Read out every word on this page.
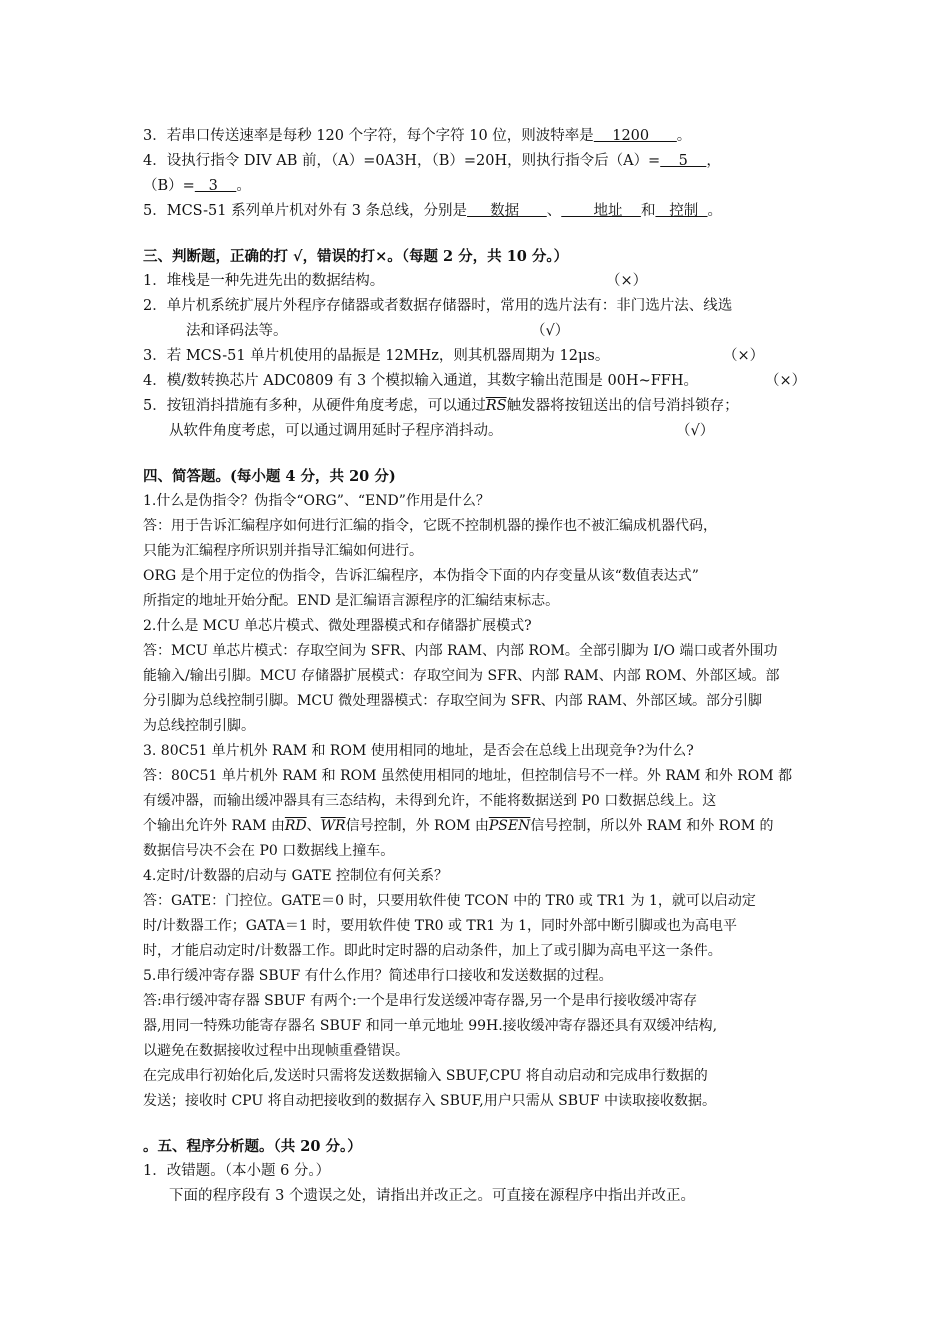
3．若串口传送速率是每秒 120 个字符，每个字符 10 位，则波特率是    1200      。
4．设执行指令 DIV AB 前，（A）=0A3H，（B）=20H，则执行指令后（A）=    5    ，
（B）=   3    。
5．MCS-51 系列单片机对外有 3 条总线，分别是     数据      、       地址    和   控制  。
三、判断题，正确的打 √，错误的打×。（每题 2 分，共 10 分。）
1．堆栈是一种先进先出的数据结构。	（×）
2．单片机系统扩展片外程序存储器或者数据存储器时，常用的选片法有：非门选片法、线选
法和译码法等。	（√）
3．若 MCS-51 单片机使用的晶振是 12MHz，则其机器周期为 12μs。	（×）
4．模/数转换芯片 ADC0809 有 3 个模拟输入通道，其数字输出范围是 00H~FFH。	（×）
5．按钮消抖措施有多种，从硬件角度考虑，可以通过$\overline{RS}$触发器将按钮送出的信号消抖锁存；
从软件角度考虑，可以通过调用延时子程序消抖动。	（√）
四、简答题。(每小题 4 分，共 20 分)
1.什么是伪指令？伪指令“ORG”、“END”作用是什么？
答：用于告诉汇编程序如何进行汇编的指令，它既不控制机器的操作也不被汇编成机器代码，
只能为汇编程序所识别并指导汇编如何进行。
ORG 是个用于定位的伪指令，告诉汇编程序，本伪指令下面的内存变量从该“数值表达式”
所指定的地址开始分配。END 是汇编语言源程序的汇编结束标志。
2.什么是 MCU 单芯片模式、微处理器模式和存储器扩展模式?
答：MCU 单芯片模式：存取空间为 SFR、内部 RAM、内部 ROM。全部引脚为 I/O 端口或者外围功
能输入/输出引脚。MCU 存储器扩展模式：存取空间为 SFR、内部 RAM、内部 ROM、外部区域。部
分引脚为总线控制引脚。MCU 微处理器模式：存取空间为 SFR、内部 RAM、外部区域。部分引脚
为总线控制引脚。
3. 80C51 单片机外 RAM 和 ROM 使用相同的地址，是否会在总线上出现竞争?为什么?
答：80C51 单片机外 RAM 和 ROM 虽然使用相同的地址，但控制信号不一样。外 RAM 和外 ROM 都
有缓冲器，而输出缓冲器具有三态结构，未得到允许，不能将数据送到 P0 口数据总线上。这
个输出允许外 RAM 由$\overline{RD}$、$\overline{WR}$信号控制，外 ROM 由PSEN信号控制，所以外 RAM 和外 ROM 的
数据信号决不会在 P0 口数据线上撞车。
4.定时/计数器的启动与 GATE 控制位有何关系？
答：GATE：门控位。GATE＝0 时，只要用软件使 TCON 中的 TR0 或 TR1 为 1，就可以启动定
时/计数器工作；GATA＝1 时，要用软件使 TR0 或 TR1 为 1，同时外部中断引脚或也为高电平
时，才能启动定时/计数器工作。即此时定时器的启动条件，加上了或引脚为高电平这一条件。
5.串行缓冲寄存器 SBUF 有什么作用？简述串行口接收和发送数据的过程。
答:串行缓冲寄存器 SBUF 有两个:一个是串行发送缓冲寄存器,另一个是串行接收缓冲寄存
器,用同一特殊功能寄存器名 SBUF 和同一单元地址 99H.接收缓冲寄存器还具有双缓冲结构,
以避免在数据接收过程中出现帧重叠错误。
在完成串行初始化后,发送时只需将发送数据输入 SBUF,CPU 将自动启动和完成串行数据的
发送；接收时 CPU 将自动把接收到的数据存入 SBUF,用户只需从 SBUF 中读取接收数据。
。五、程序分析题。（共 20 分。）
1．改错题。（本小题 6 分。）
下面的程序段有 3 个遗误之处，请指出并改正之。可直接在源程序中指出并改正。
